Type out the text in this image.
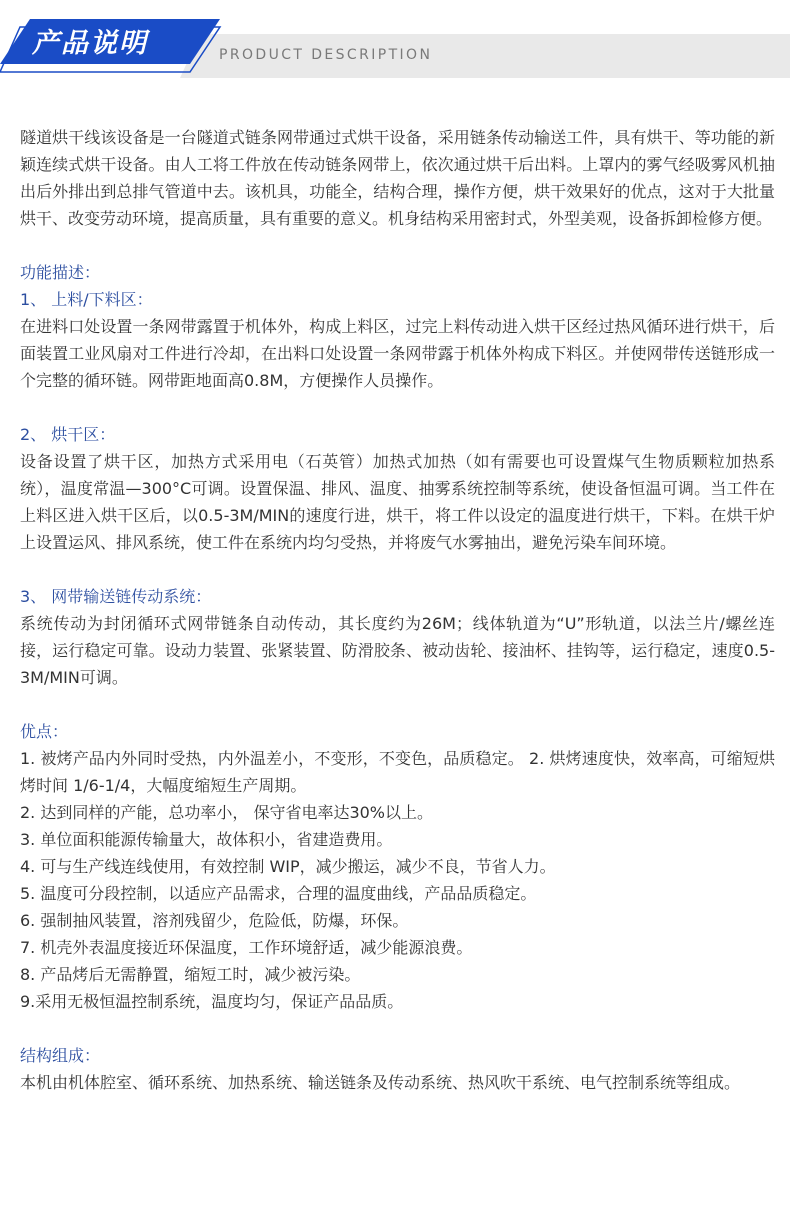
产品说明	PRODUCT DESCRIPTION

隧道烘干线该设备是一台隧道式链条网带通过式烘干设备，采用链条传动输送工件，具有烘干、等功能的新颖连续式烘干设备。由人工将工件放在传动链条网带上，依次通过烘干后出料。上罩内的雾气经吸雾风机抽出后外排出到总排气管道中去。该机具，功能全，结构合理，操作方便，烘干效果好的优点，这对于大批量烘干、改变劳动环境，提高质量，具有重要的意义。机身结构采用密封式，外型美观，设备拆卸检修方便。

功能描述：

1、 上料/下料区：

在进料口处设置一条网带露置于机体外，构成上料区，过完上料传动进入烘干区经过热风循环进行烘干，后面装置工业风扇对工件进行冷却，在出料口处设置一条网带露于机体外构成下料区。并使网带传送链形成一个完整的循环链。网带距地面高0.8M，方便操作人员操作。

2、 烘干区：

设备设置了烘干区，加热方式采用电（石英管）加热式加热（如有需要也可设置煤气生物质颗粒加热系统），温度常温—300°C可调。设置保温、排风、温度、抽雾系统控制等系统，使设备恒温可调。当工件在上料区进入烘干区后，以0.5-3M/MIN的速度行进，烘干，将工件以设定的温度进行烘干，下料。在烘干炉上设置运风、排风系统，使工件在系统内均匀受热，并将废气水雾抽出，避免污染车间环境。

3、 网带输送链传动系统：

系统传动为封闭循环式网带链条自动传动，其长度约为26M；线体轨道为“U”形轨道，以法兰片/螺丝连接，运行稳定可靠。设动力装置、张紧装置、防滑胶条、被动齿轮、接油杯、挂钩等，运行稳定，速度0.5-3M/MIN可调。

优点：

1. 被烤产品内外同时受热，内外温差小，不变形，不变色，品质稳定。 2. 烘烤速度快，效率高，可缩短烘烤时间 1/6-1/4，大幅度缩短生产周期。

2. 达到同样的产能，总功率小， 保守省电率达30%以上。

3. 单位面积能源传输量大，故体积小，省建造费用。

4. 可与生产线连线使用，有效控制 WIP，减少搬运，减少不良，节省人力。

5. 温度可分段控制，以适应产品需求，合理的温度曲线，产品品质稳定。

6. 强制抽风装置，溶剂残留少，危险低，防爆，环保。

7. 机壳外表温度接近环保温度，工作环境舒适，减少能源浪费。

8. 产品烤后无需静置，缩短工时，减少被污染。

9.采用无极恒温控制系统，温度均匀，保证产品品质。

结构组成：

本机由机体腔室、循环系统、加热系统、输送链条及传动系统、热风吹干系统、电气控制系统等组成。
